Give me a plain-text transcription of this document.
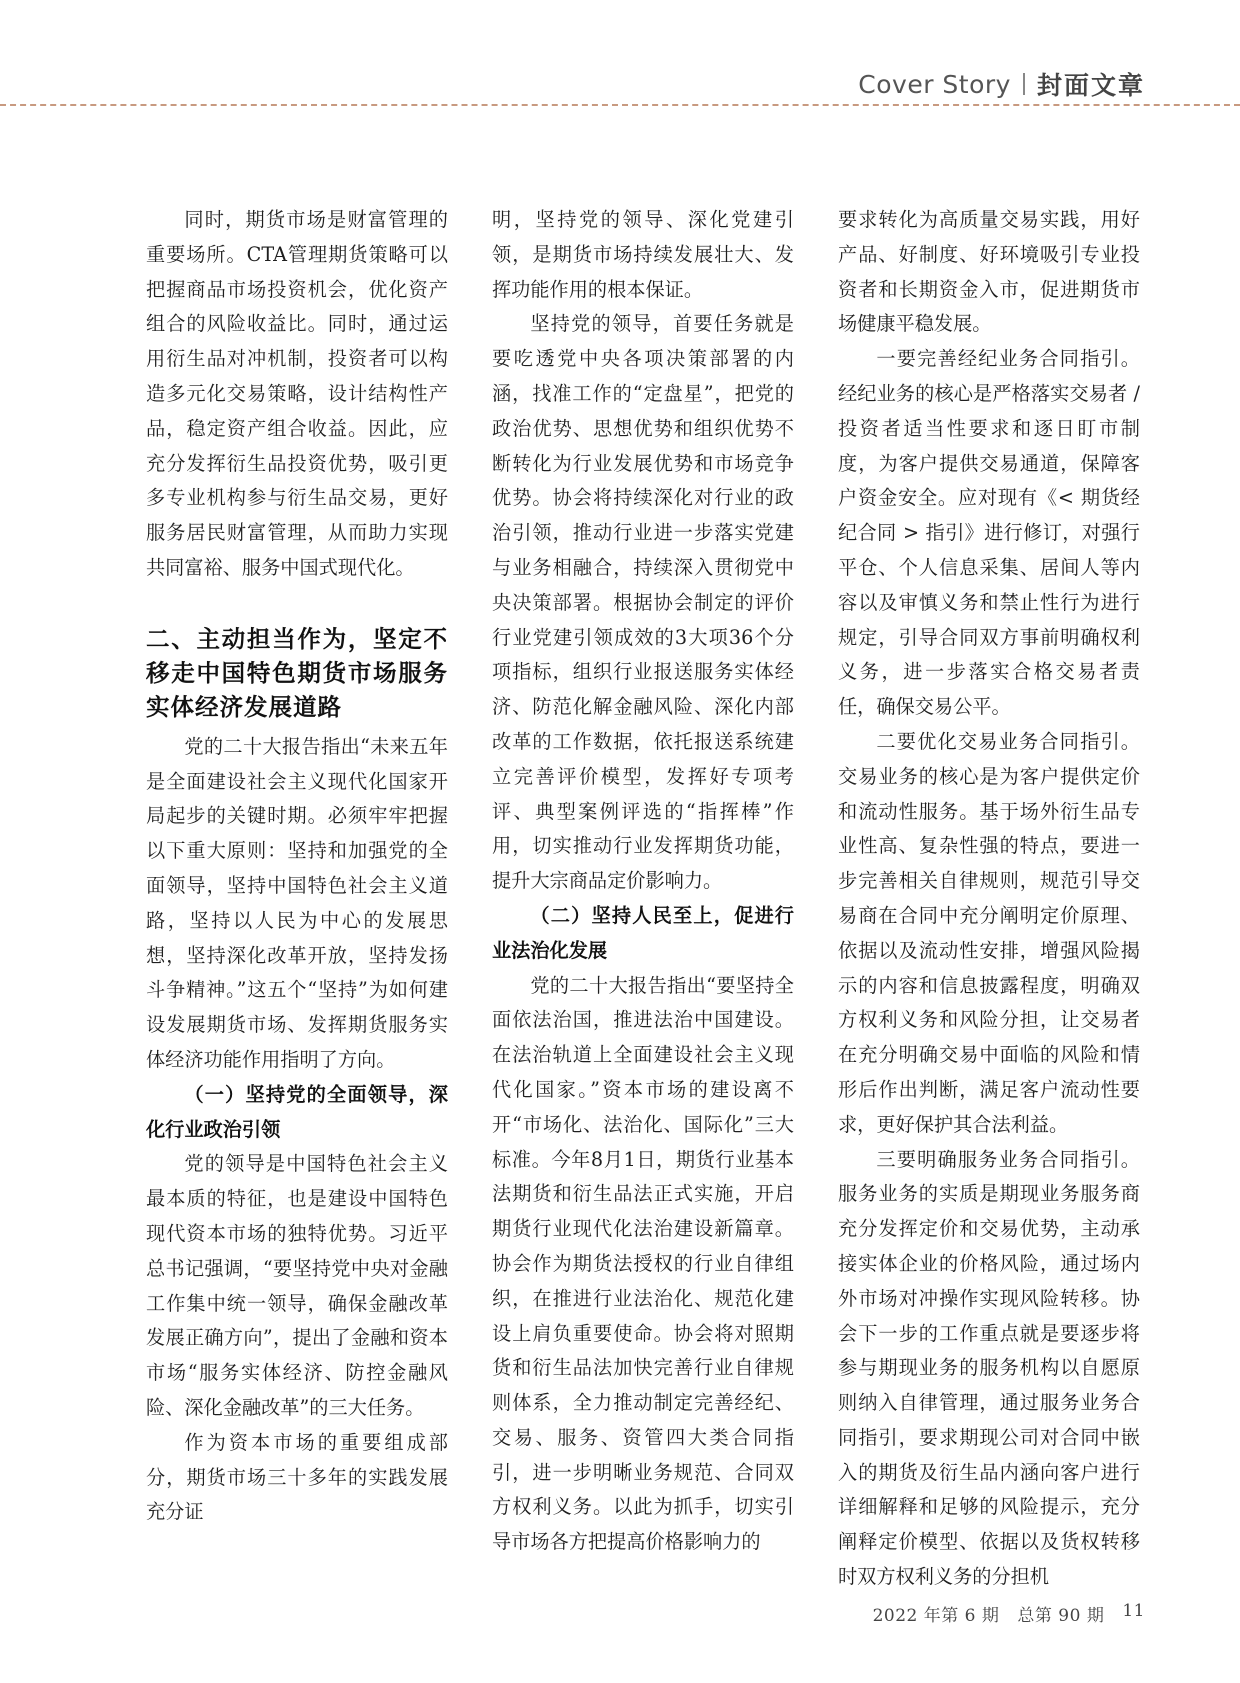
Cover Story 封面文章

同时，期货市场是财富管理的重要场所。CTA管理期货策略可以把握商品市场投资机会，优化资产组合的风险收益比。同时，通过运用衍生品对冲机制，投资者可以构造多元化交易策略，设计结构性产品，稳定资产组合收益。因此，应充分发挥衍生品投资优势，吸引更多专业机构参与衍生品交易，更好服务居民财富管理，从而助力实现共同富裕、服务中国式现代化。

二、主动担当作为，坚定不移走中国特色期货市场服务实体经济发展道路

党的二十大报告指出“未来五年是全面建设社会主义现代化国家开局起步的关键时期。必须牢牢把握以下重大原则：坚持和加强党的全面领导，坚持中国特色社会主义道路，坚持以人民为中心的发展思想，坚持深化改革开放，坚持发扬斗争精神。”这五个“坚持”为如何建设发展期货市场、发挥期货服务实体经济功能作用指明了方向。

（一）坚持党的全面领导，深化行业政治引领

党的领导是中国特色社会主义最本质的特征，也是建设中国特色现代资本市场的独特优势。习近平总书记强调，“要坚持党中央对金融工作集中统一领导，确保金融改革发展正确方向”，提出了金融和资本市场“服务实体经济、防控金融风险、深化金融改革”的三大任务。

作为资本市场的重要组成部分，期货市场三十多年的实践发展充分证

明，坚持党的领导、深化党建引领，是期货市场持续发展壮大、发挥功能作用的根本保证。

坚持党的领导，首要任务就是要吃透党中央各项决策部署的内涵，找准工作的“定盘星”，把党的政治优势、思想优势和组织优势不断转化为行业发展优势和市场竞争优势。协会将持续深化对行业的政治引领，推动行业进一步落实党建与业务相融合，持续深入贯彻党中央决策部署。根据协会制定的评价行业党建引领成效的3大项36个分项指标，组织行业报送服务实体经济、防范化解金融风险、深化内部改革的工作数据，依托报送系统建立完善评价模型，发挥好专项考评、典型案例评选的“指挥棒”作用，切实推动行业发挥期货功能，提升大宗商品定价影响力。

（二）坚持人民至上，促进行业法治化发展

党的二十大报告指出“要坚持全面依法治国，推进法治中国建设。在法治轨道上全面建设社会主义现代化国家。”资本市场的建设离不开“市场化、法治化、国际化”三大标准。今年8月1日，期货行业基本法期货和衍生品法正式实施，开启期货行业现代化法治建设新篇章。协会作为期货法授权的行业自律组织，在推进行业法治化、规范化建设上肩负重要使命。协会将对照期货和衍生品法加快完善行业自律规则体系，全力推动制定完善经纪、交易、服务、资管四大类合同指引，进一步明晰业务规范、合同双方权利义务。以此为抓手，切实引导市场各方把提高价格影响力的

要求转化为高质量交易实践，用好产品、好制度、好环境吸引专业投资者和长期资金入市，促进期货市场健康平稳发展。

一要完善经纪业务合同指引。经纪业务的核心是严格落实交易者 / 投资者适当性要求和逐日盯市制度，为客户提供交易通道，保障客户资金安全。应对现有《< 期货经纪合同 > 指引》进行修订，对强行平仓、个人信息采集、居间人等内容以及审慎义务和禁止性行为进行规定，引导合同双方事前明确权利义务，进一步落实合格交易者责任，确保交易公平。

二要优化交易业务合同指引。交易业务的核心是为客户提供定价和流动性服务。基于场外衍生品专业性高、复杂性强的特点，要进一步完善相关自律规则，规范引导交易商在合同中充分阐明定价原理、依据以及流动性安排，增强风险揭示的内容和信息披露程度，明确双方权利义务和风险分担，让交易者在充分明确交易中面临的风险和情形后作出判断，满足客户流动性要求，更好保护其合法利益。

三要明确服务业务合同指引。服务业务的实质是期现业务服务商充分发挥定价和交易优势，主动承接实体企业的价格风险，通过场内外市场对冲操作实现风险转移。协会下一步的工作重点就是要逐步将参与期现业务的服务机构以自愿原则纳入自律管理，通过服务业务合同指引，要求期现公司对合同中嵌入的期货及衍生品内涵向客户进行详细解释和足够的风险提示，充分阐释定价模型、依据以及货权转移时双方权利义务的分担机

2022 年第 6 期 总第 90 期 11
